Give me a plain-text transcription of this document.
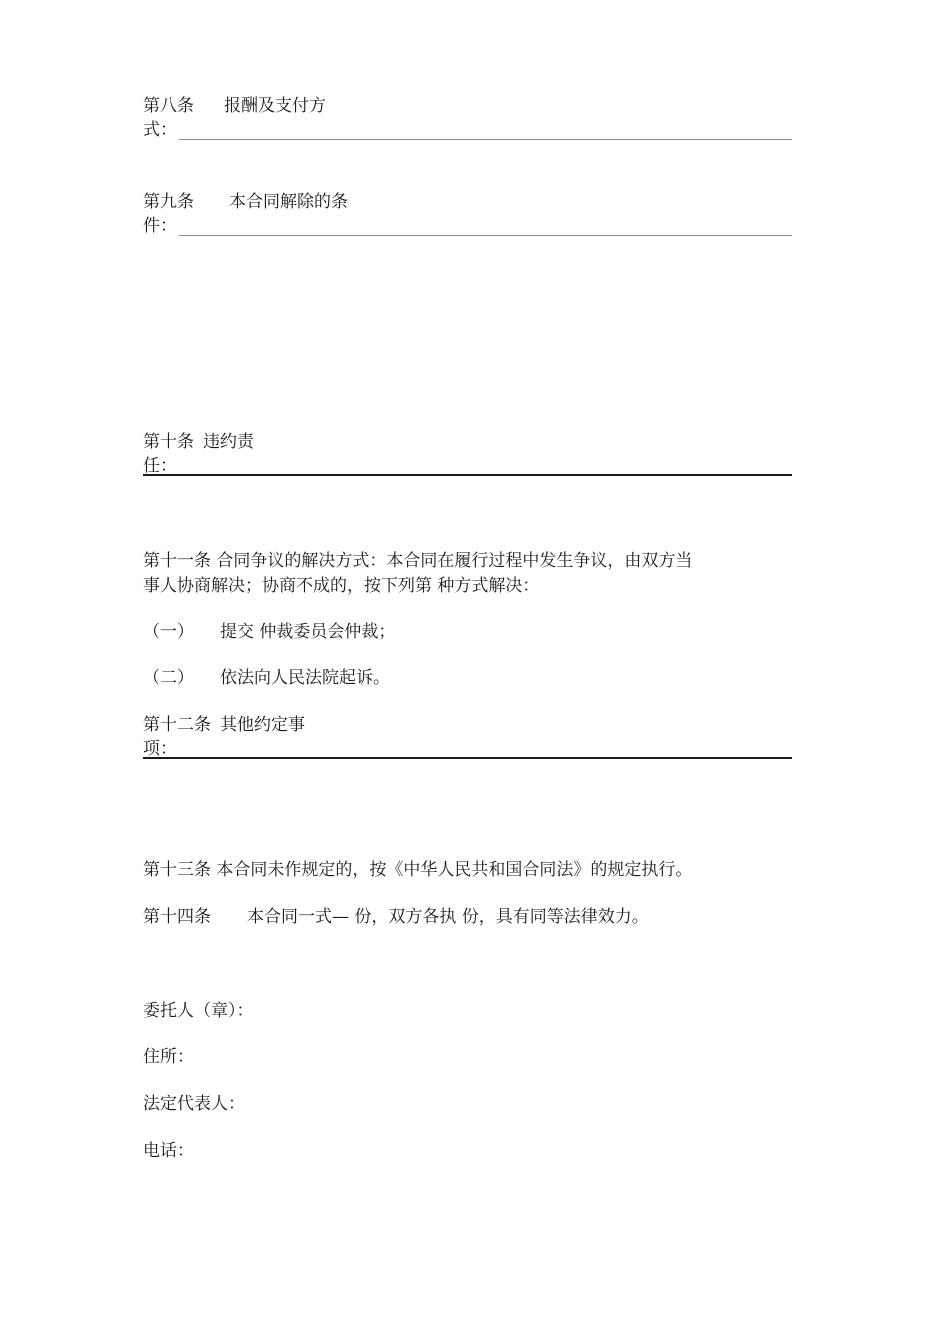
第八条 报酬及支付方
式：
第九条 本合同解除的条
件：
第十条 违约责
任：
第十一条 合同争议的解决方式：本合同在履行过程中发生争议，由双方当
事人协商解决；协商不成的，按下列第 种方式解决：
（一） 提交 仲裁委员会仲裁；
（二） 依法向人民法院起诉。
第十二条 其他约定事
项：
第十三条 本合同未作规定的，按《中华人民共和国合同法》的规定执行。
第十四条 本合同一式— 份，双方各执 份，具有同等法律效力。
委托人（章）：
住所：
法定代表人：
电话：
